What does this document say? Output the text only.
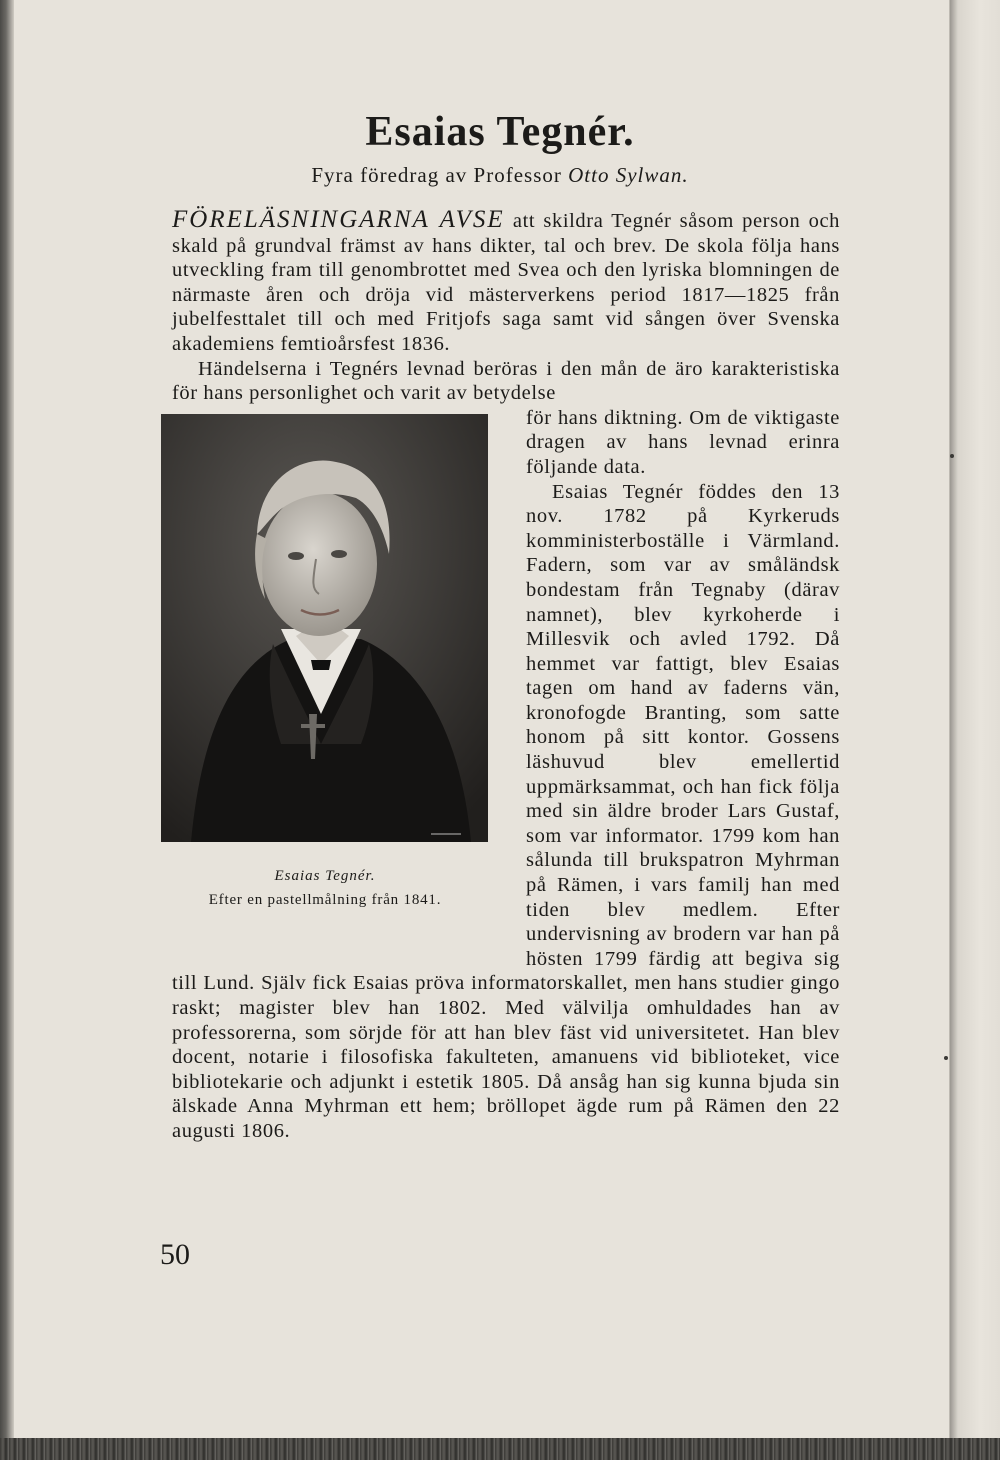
Esaias Tegnér.

Fyra föredrag av Professor Otto Sylwan.

FÖRELÄSNINGARNA AVSE att skildra Tegnér såsom person och skald på grundval främst av hans dikter, tal och brev. De skola följa hans utveckling fram till genombrottet med Svea och den lyriska blomningen de närmaste åren och dröja vid mästerverkens period 1817—1825 från jubelfesttalet till och med Fritjofs saga samt vid sången över Svenska akademiens femtioårsfest 1836.

Händelserna i Tegnérs levnad beröras i den mån de äro karakteristiska för hans personlighet och varit av betydelse

Esaias Tegnér.

Efter en pastellmålning från 1841.

för hans diktning. Om de viktigaste dragen av hans levnad erinra följande data.

Esaias Tegnér föddes den 13 nov. 1782 på Kyrkeruds komministerboställe i Värmland. Fadern, som var av småländsk bondestam från Tegnaby (därav namnet), blev kyrkoherde i Millesvik och avled 1792. Då hemmet var fattigt, blev Esaias tagen om hand av faderns vän, kronofogde Branting, som satte honom på sitt kontor. Gossens läshuvud blev emellertid uppmärksammat, och han fick följa med sin äldre broder Lars Gustaf, som var informator. 1799 kom han sålunda till brukspatron Myhrman på Rämen, i vars familj han med tiden blev medlem. Efter undervisning av brodern var han på hösten 1799 färdig att begiva sig till Lund. Själv fick Esaias pröva informatorskallet, men hans studier gingo raskt; magister blev han 1802. Med välvilja omhuldades han av professorerna, som sörjde för att han blev fäst vid universitetet. Han blev docent, notarie i filosofiska fakulteten, amanuens vid biblioteket, vice bibliotekarie och adjunkt i estetik 1805. Då ansåg han sig kunna bjuda sin älskade Anna Myhrman ett hem; bröllopet ägde rum på Rämen den 22 augusti 1806.

50
